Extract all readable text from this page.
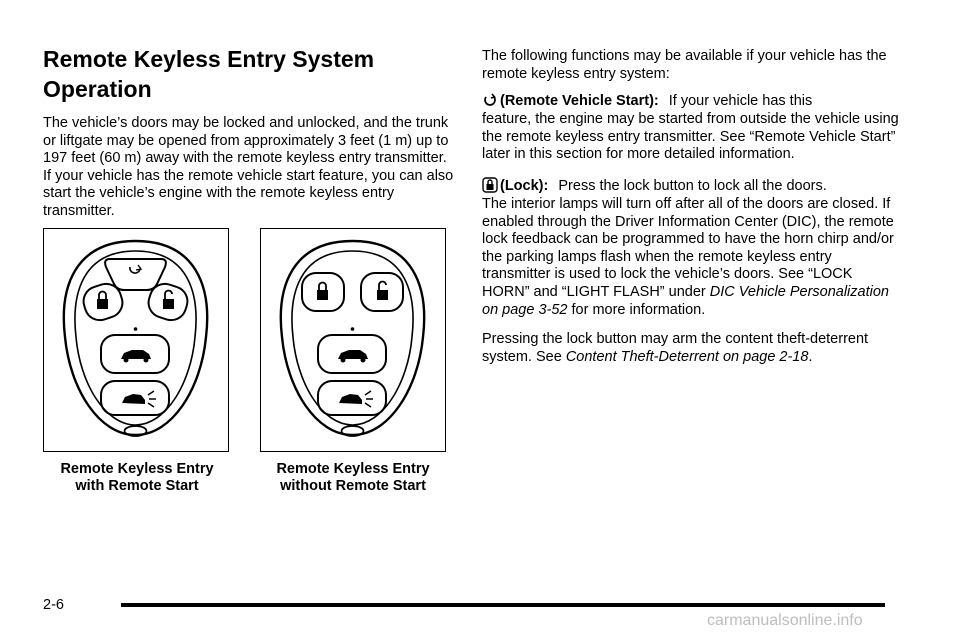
Remote Keyless Entry System Operation

The vehicle’s doors may be locked and unlocked, and the trunk or liftgate may be opened from approximately 3 feet (1 m) up to 197 feet (60 m) away with the remote keyless entry transmitter. If your vehicle has the remote vehicle start feature, you can also start the vehicle’s engine with the remote keyless entry transmitter.

Remote Keyless Entry
with Remote Start
Remote Keyless Entry
without Remote Start

The following functions may be available if your vehicle has the remote keyless entry system:

(Remote Vehicle Start): If your vehicle has this

feature, the engine may be started from outside the vehicle using the remote keyless entry transmitter. See “Remote Vehicle Start” later in this section for more detailed information.

(Lock): Press the lock button to lock all the doors.

The interior lamps will turn off after all of the doors are closed. If enabled through the Driver Information Center (DIC), the remote lock feedback can be programmed to have the horn chirp and/or the parking lamps flash when the remote keyless entry transmitter is used to lock the vehicle’s doors. See “LOCK HORN” and “LIGHT FLASH” under DIC Vehicle Personalization on page 3-52 for more information.

Pressing the lock button may arm the content theft-deterrent system. See Content Theft-Deterrent on page 2-18.

2-6
carmanualsonline.info
